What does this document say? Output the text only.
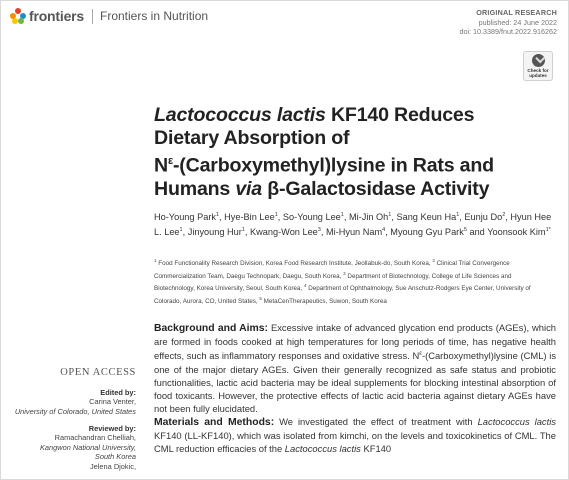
frontiers Frontiers in Nutrition	ORIGINAL RESEARCH
published: 24 June 2022
doi: 10.3389/fnut.2022.916262
Check for updates
Lactococcus lactis KF140 Reduces
Dietary Absorption of
$N^\varepsilon-(Carboxymethyl)lysine$ in Rats and
Humans via β-Galactosidase Activity
Ho-Young Park$^1$, Hye-Bin Lee$^1$, So-Young Lee$^1$, Mi-Jin Oh$^1$, Sang Keun Ha$^1$, Eunju Do$^2$, Hyun Hee L. Lee$^1$, Jinyoung Hur$^1$, Kwang-Won Lee$^3$, Mi-Hyun Nam$^4$, Myoung Gyu Park$^5$ and Yoonsook Kim$^{1*}$
$^1$ Food Functionality Research Division, Korea Food Research Institute, Jeollabuk-do, South Korea, $^2$ Clinical Trial Convergence Commercialization Team, Daegu Technopark, Daegu, South Korea, $^3$ Department of Biotechnology, College of Life Sciences and Biotechnology, Korea University, Seoul, South Korea, $^4$ Department of Ophthalmology, Sue Anschutz-Rodgers Eye Center, University of Colorado, Aurora, CO, United States, $^5$ MetaCenTherapeutics, Suwon, South Korea
OPEN ACCESS
Edited by:
Carina Venter,
University of Colorado, United States
Reviewed by:
Ramachandran Chelliah,
Kangwon National University,
South Korea
Jelena Djokic,
Background and Aims: Excessive intake of advanced glycation end products (AGEs), which are formed in foods cooked at high temperatures for long periods of time, has negative health effects, such as inflammatory responses and oxidative stress. $N^\varepsilon-(Carboxymethyl)lysine$ (CML) is one of the major dietary AGEs. Given their generally recognized as safe status and probiotic functionalities, lactic acid bacteria may be ideal supplements for blocking intestinal absorption of food toxicants. However, the protective effects of lactic acid bacteria against dietary AGEs have not been fully elucidated.
Materials and Methods: We investigated the effect of treatment with Lactococcus lactis KF140 (LL-KF140), which was isolated from kimchi, on the levels and toxicokinetics of CML. The CML reduction efficacies of the Lactococcus lactis KF140
